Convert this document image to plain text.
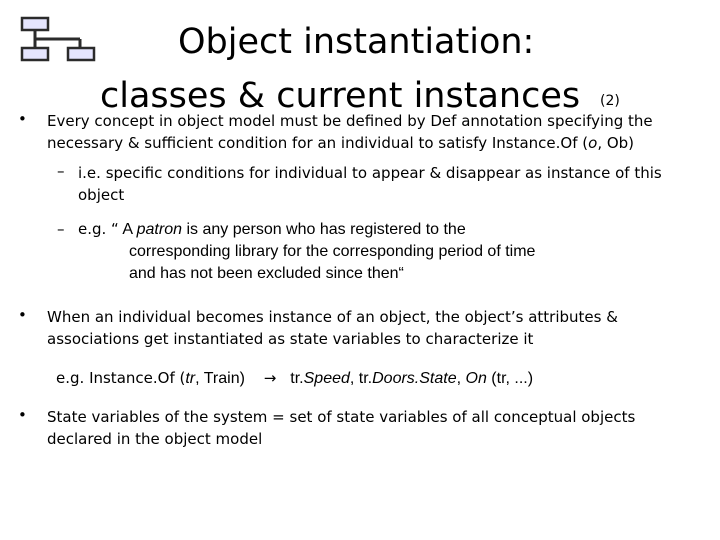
Object instantiation:
classes & current instances (2)
• Every concept in object model must be defined by Def annotation specifying the
necessary & sufficient condition for an individual to satisfy Instance.Of (o, Ob)
– i.e. specific conditions for individual to appear & disappear as instance of this
object
– e.g. “ A patron is any person who has registered to the
corresponding library for the corresponding period of time
and has not been excluded since then“
• When an individual becomes instance of an object, the object’s attributes &
associations get instantiated as state variables to characterize it
e.g. Instance.Of (tr, Train) → tr.Speed, tr.Doors.State, On (tr, ...)
• State variables of the system = set of state variables of all conceptual objects
declared in the object model
